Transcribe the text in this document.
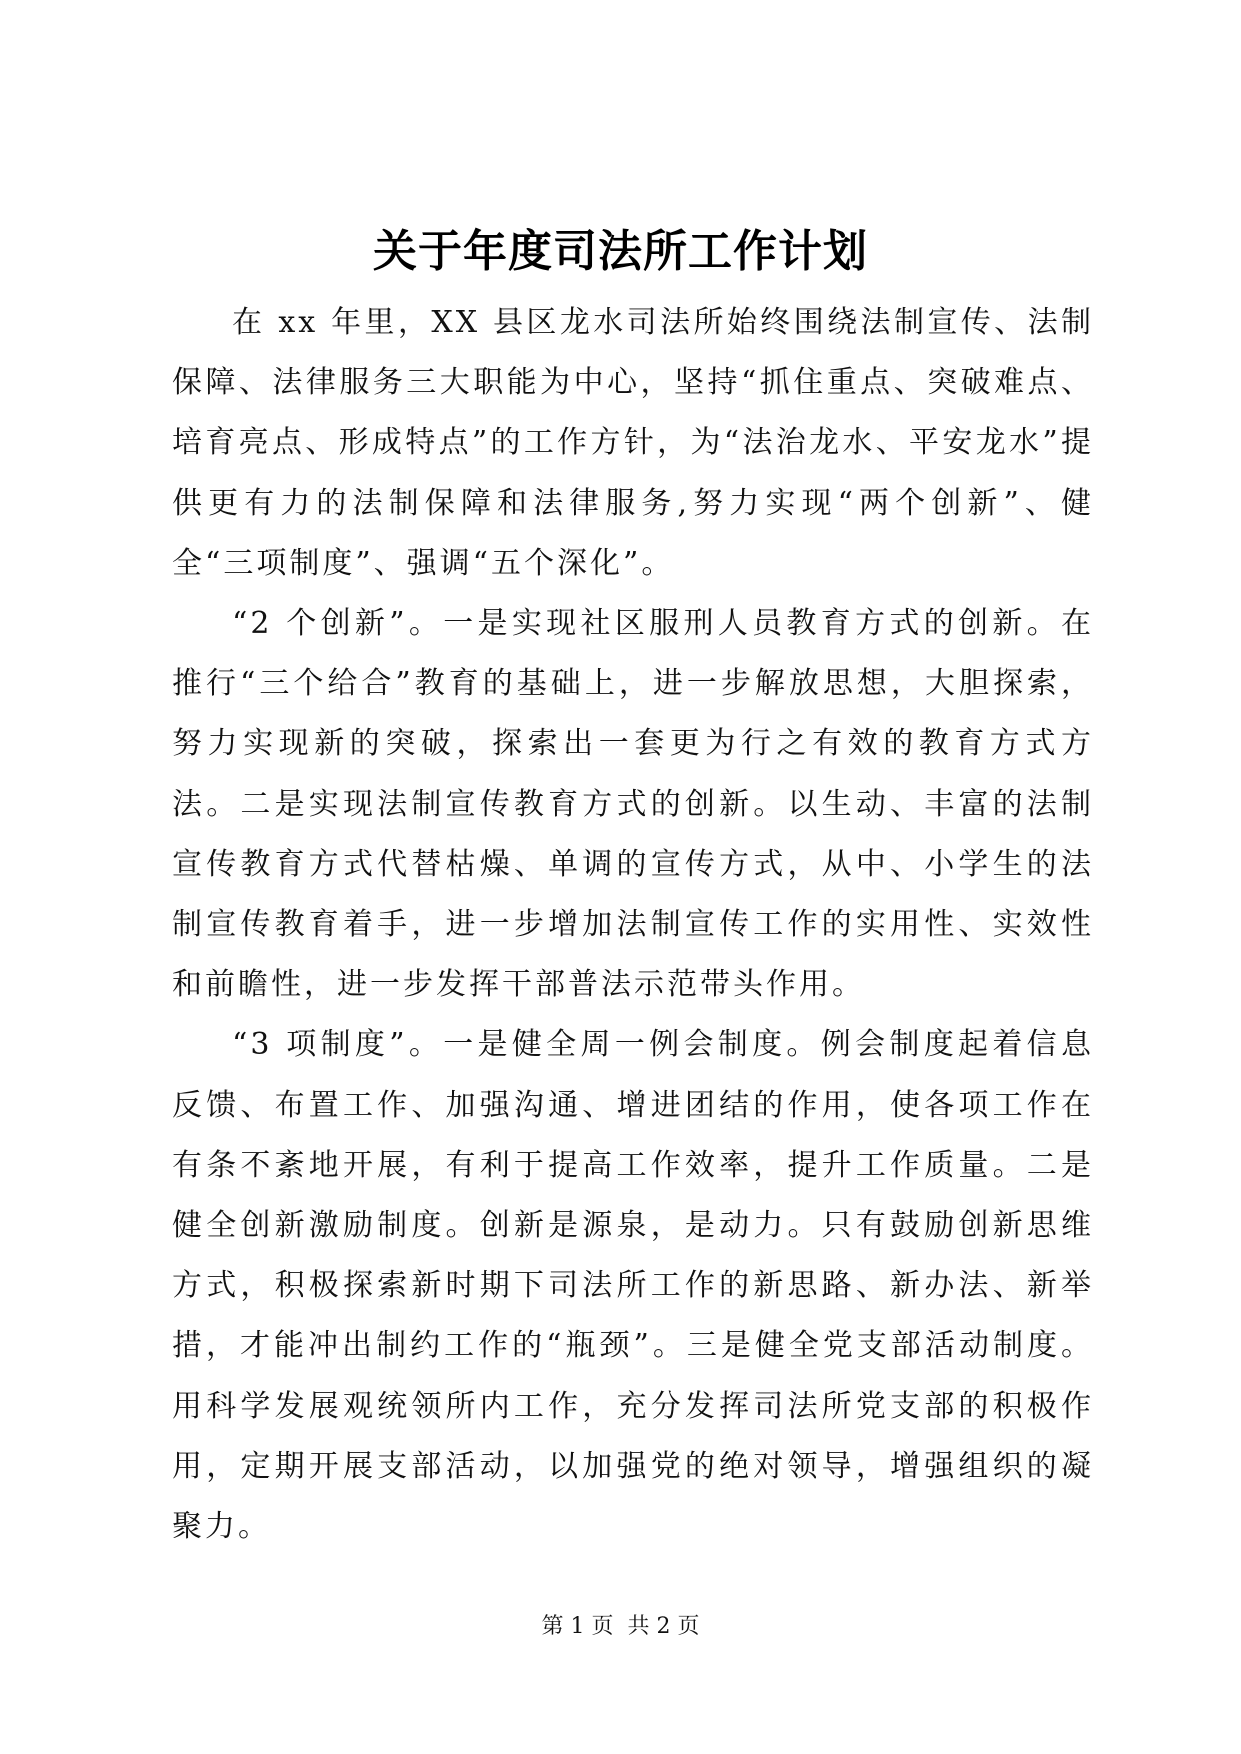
关于年度司法所工作计划

在 xx 年里，XX 县区龙水司法所始终围绕法制宣传、法制保障、法律服务三大职能为中心，坚持“抓住重点、突破难点、培育亮点、形成特点”的工作方针，为“法治龙水、平安龙水”提供更有力的法制保障和法律服务,努力实现“两个创新”、健全“三项制度”、强调“五个深化”。

“2 个创新”。一是实现社区服刑人员教育方式的创新。在推行“三个给合”教育的基础上，进一步解放思想，大胆探索，努力实现新的突破，探索出一套更为行之有效的教育方式方法。二是实现法制宣传教育方式的创新。以生动、丰富的法制宣传教育方式代替枯燥、单调的宣传方式，从中、小学生的法制宣传教育着手，进一步增加法制宣传工作的实用性、实效性和前瞻性，进一步发挥干部普法示范带头作用。

“3 项制度”。一是健全周一例会制度。例会制度起着信息反馈、布置工作、加强沟通、增进团结的作用，使各项工作在有条不紊地开展，有利于提高工作效率，提升工作质量。二是健全创新激励制度。创新是源泉，是动力。只有鼓励创新思维方式，积极探索新时期下司法所工作的新思路、新办法、新举措，才能冲出制约工作的“瓶颈”。三是健全党支部活动制度。用科学发展观统领所内工作，充分发挥司法所党支部的积极作用，定期开展支部活动，以加强党的绝对领导，增强组织的凝聚力。

第 1 页  共 2 页
